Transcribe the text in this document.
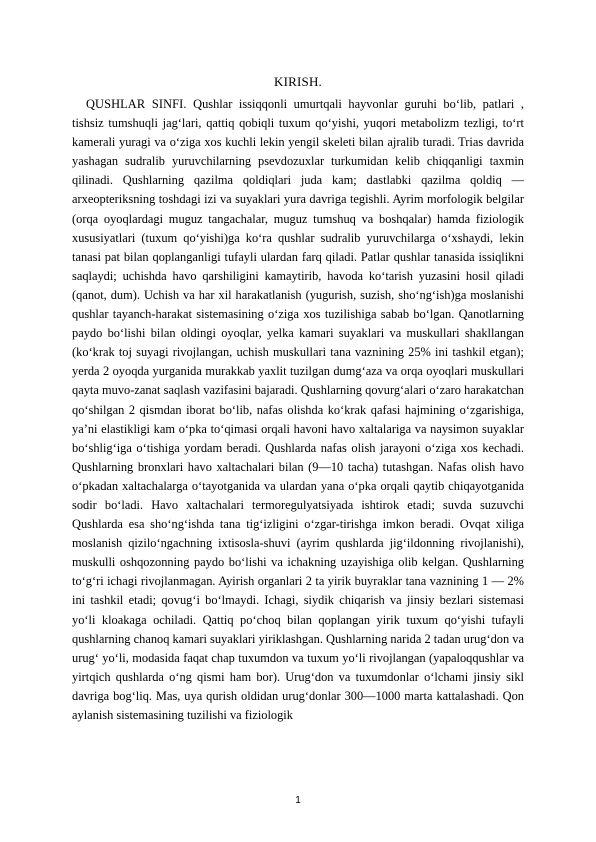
KIRISH.

QUSHLAR SINFI. Qushlar issiqqonli umurtqali hayvonlar guruhi bo‘lib, patlari , tishsiz tumshuqli jag‘lari, qattiq qobiqli tuxum qo‘yishi, yuqori metabolizm tezligi, to‘rt kamerali yuragi va o‘ziga xos kuchli lekin yengil skeleti bilan ajralib turadi. Trias davrida yashagan sudralib yuruvchilarning psevdozuxlar turkumidan kelib chiqqanligi taxmin qilinadi. Qushlarning qazilma qoldiqlari juda kam; dastlabki qazilma qoldiq — arxeopteriksning toshdagi izi va suyaklari yura davriga tegishli. Ayrim morfologik belgilar (orqa oyoqlardagi muguz tangachalar, muguz tumshuq va boshqalar) hamda fiziologik xususiyatlari (tuxum qo‘yishi)ga ko‘ra qushlar sudralib yuruvchilarga o‘xshaydi, lekin tanasi pat bilan qoplanganligi tufayli ulardan farq qiladi. Patlar qushlar tanasida issiqlikni saqlaydi; uchishda havo qarshiligini kamaytirib, havoda ko‘tarish yuzasini hosil qiladi (qanot, dum). Uchish va har xil harakatlanish (yugurish, suzish, sho‘ng‘ish)ga moslanishi qushlar tayanch-harakat sistemasining o‘ziga xos tuzilishiga sabab bo‘lgan. Qanotlarning paydo bo‘lishi bilan oldingi oyoqlar, yelka kamari suyaklari va muskullari shakllangan (ko‘krak toj suyagi rivojlangan, uchish muskullari tana vaznining 25% ini tashkil etgan); yerda 2 oyoqda yurganida murakkab yaxlit tuzilgan dumg‘aza va orqa oyoqlari muskullari qayta muvo-zanat saqlash vazifasini bajaradi. Qushlarning qovurg‘alari o‘zaro harakatchan qo‘shilgan 2 qismdan iborat bo‘lib, nafas olishda ko‘krak qafasi hajmining o‘zgarishiga, ya’ni elastikligi kam o‘pka to‘qimasi orqali havoni havo xaltalariga va naysimon suyaklar bo‘shlig‘iga o‘tishiga yordam beradi. Qushlarda nafas olish jarayoni o‘ziga xos kechadi. Qushlarning bronxlari havo xaltachalari bilan (9—10 tacha) tutashgan. Nafas olish havo o‘pkadan xaltachalarga o‘tayotganida va ulardan yana o‘pka orqali qaytib chiqayotganida sodir bo‘ladi. Havo xaltachalari termoregulyatsiyada ishtirok etadi; suvda suzuvchi Qushlarda esa sho‘ng‘ishda tana tig‘izligini o‘zgar-tirishga imkon beradi. Ovqat xiliga moslanish qizilo‘ngachning ixtisosla-shuvi (ayrim qushlarda jig‘ildonning rivojlanishi), muskulli oshqozonning paydo bo‘lishi va ichakning uzayishiga olib kelgan. Qushlarning to‘g‘ri ichagi rivojlanmagan. Ayirish organlari 2 ta yirik buyraklar tana vaznining 1 — 2% ini tashkil etadi; qovug‘i bo‘lmaydi. Ichagi, siydik chiqarish va jinsiy bezlari sistemasi yo‘li kloakaga ochiladi. Qattiq po‘choq bilan qoplangan yirik tuxum qo‘yishi tufayli qushlarning chanoq kamari suyaklari yiriklashgan. Qushlarning narida 2 tadan urug‘don va urug‘ yo‘li, modasida faqat chap tuxumdon va tuxum yo‘li rivojlangan (yapaloqqushlar va yirtqich qushlarda o‘ng qismi ham bor). Urug‘don va tuxumdonlar o‘lchami jinsiy sikl davriga bog‘liq. Mas, uya qurish oldidan urug‘donlar 300—1000 marta kattalashadi. Qon aylanish sistemasining tuzilishi va fiziologik

1
